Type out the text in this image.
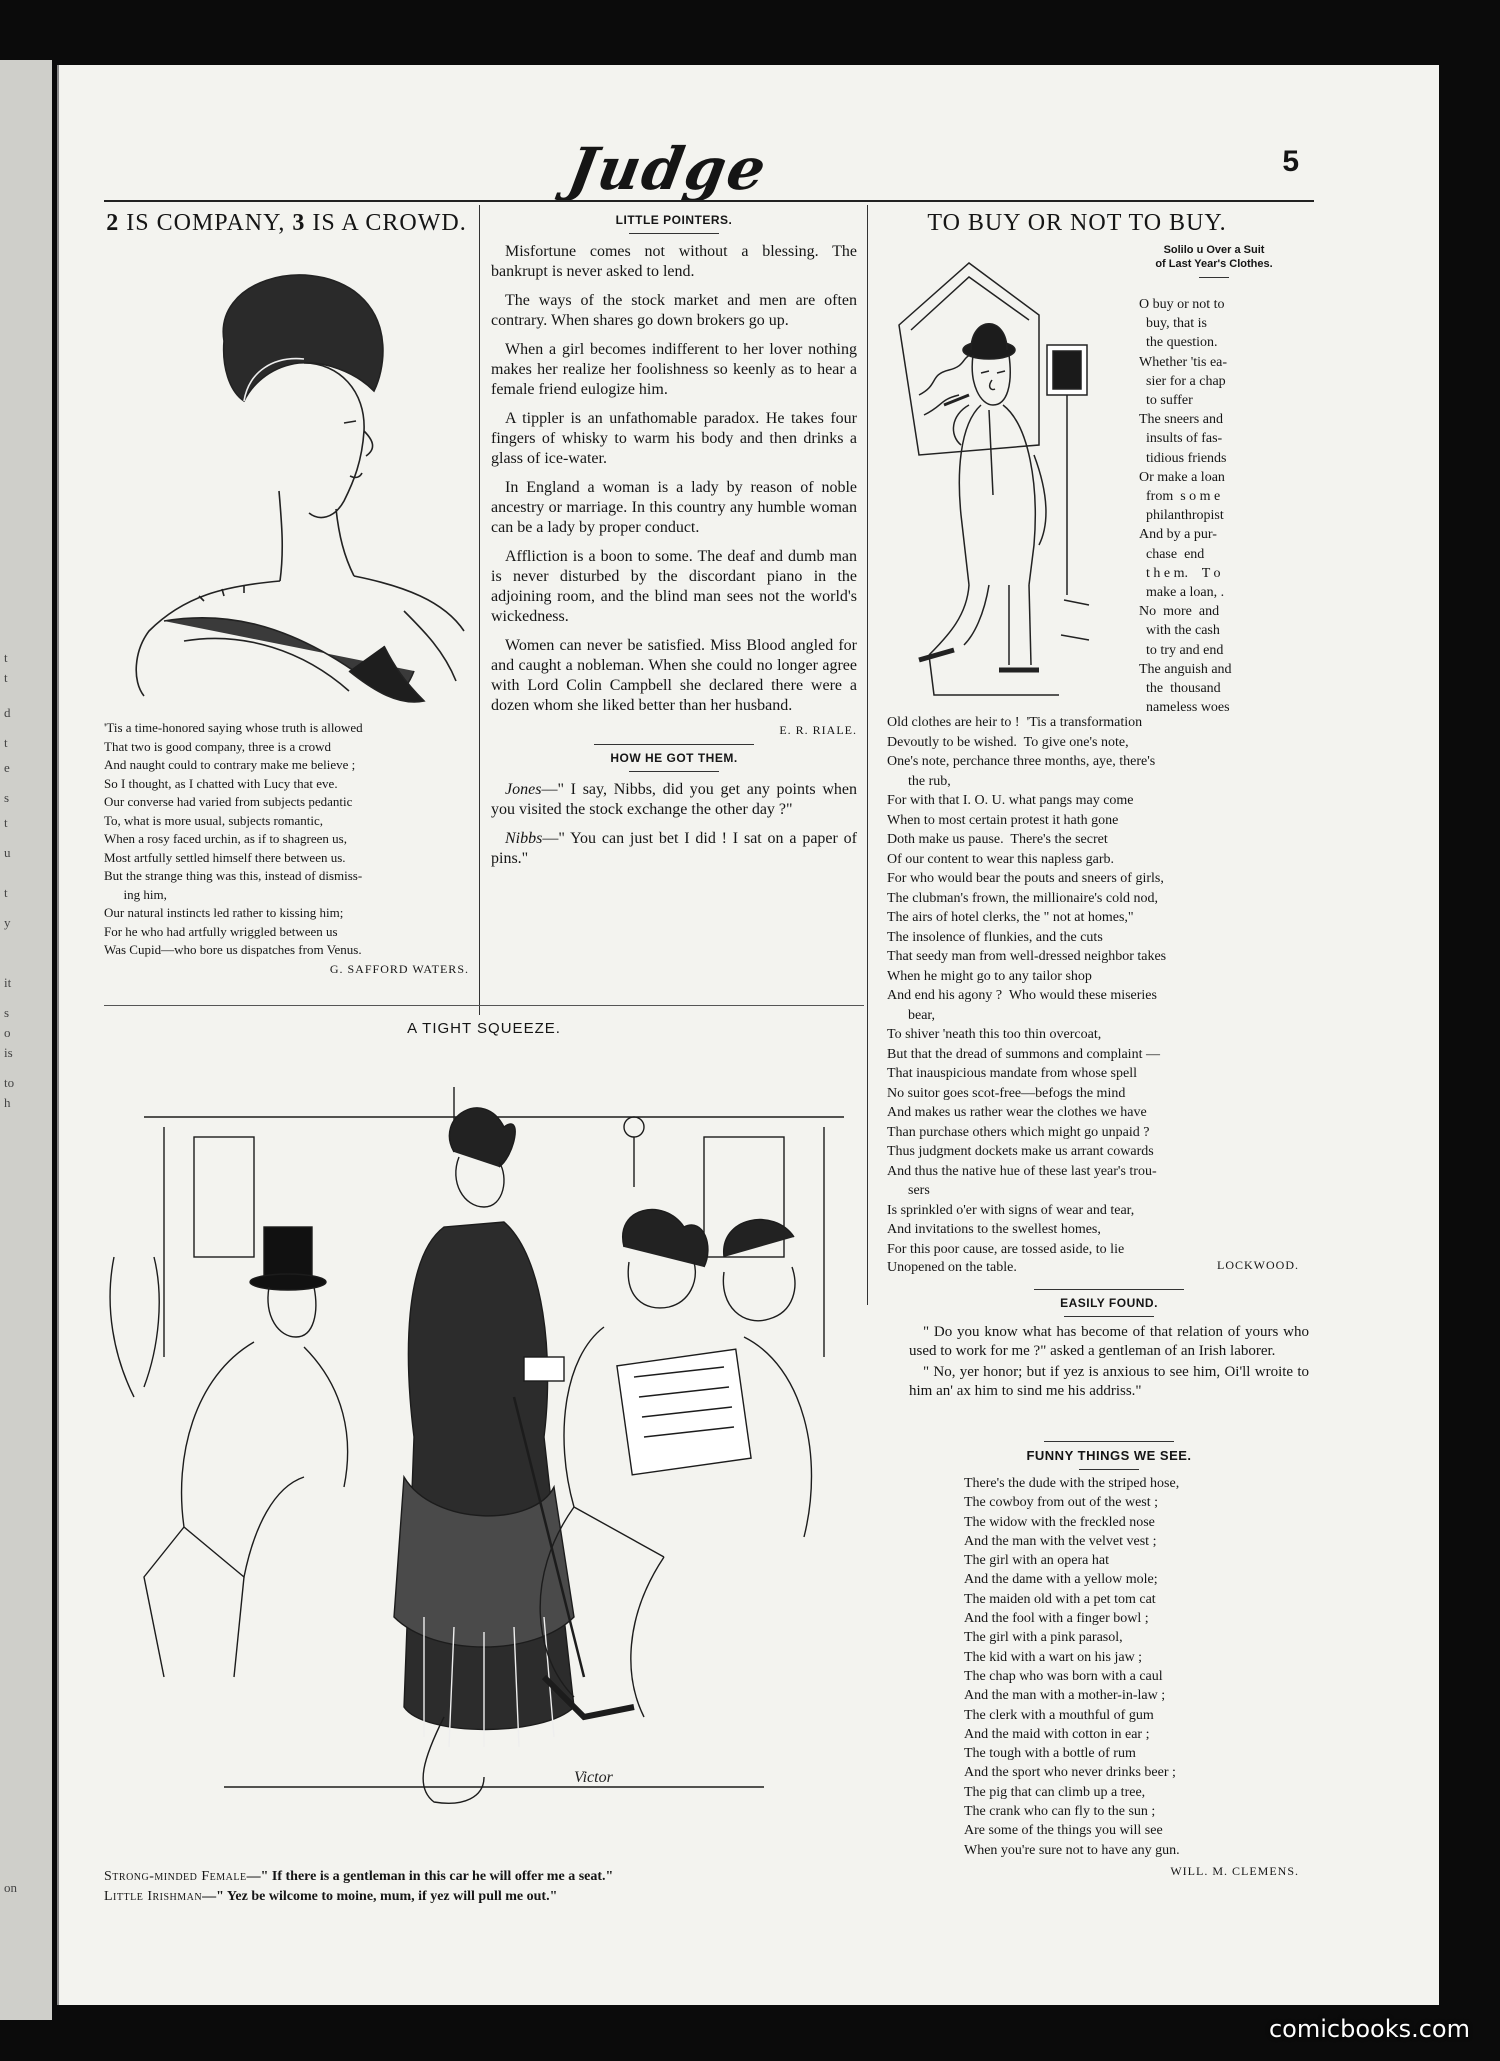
t
t
d
t
e
s
t
u
t
y
it
s
o
is
to
h
on
Judge	5
2 IS COMPANY, 3 IS A CROWD.
'Tis a time-honored saying whose truth is allowed
That two is good company, three is a crowd
And naught could to contrary make me believe ;
So I thought, as I chatted with Lucy that eve.
Our converse had varied from subjects pedantic
To, what is more usual, subjects romantic,
When a rosy faced urchin, as if to shagreen us,
Most artfully settled himself there between us.
But the strange thing was this, instead of dismiss-
ing him,
Our natural instincts led rather to kissing him;
For he who had artfully wriggled between us
Was Cupid—who bore us dispatches from Venus.
G. SAFFORD WATERS.
LITTLE POINTERS.

Misfortune comes not without a blessing. The bankrupt is never asked to lend.

The ways of the stock market and men are often contrary. When shares go down brokers go up.

When a girl becomes indifferent to her lover nothing makes her realize her foolishness so keenly as to hear a female friend eulogize him.

A tippler is an unfathomable paradox. He takes four fingers of whisky to warm his body and then drinks a glass of ice-water.

In England a woman is a lady by reason of noble ancestry or marriage. In this country any humble woman can be a lady by proper conduct.

Affliction is a boon to some. The deaf and dumb man is never disturbed by the discordant piano in the adjoining room, and the blind man sees not the world's wickedness.

Women can never be satisfied. Miss Blood angled for and caught a nobleman. When she could no longer agree with Lord Colin Campbell she declared there were a dozen whom she liked better than her husband.

E. R. RIALE.
HOW HE GOT THEM.

Jones—" I say, Nibbs, did you get any points when you visited the stock exchange the other day ?"

Nibbs—" You can just bet I did ! I sat on a paper of pins."

TO BUY OR NOT TO BUY.
Solilo u Over a Suit
of Last Year's Clothes.
O buy or not to
buy, that is
the question.
Whether 'tis ea-
sier for a chap
to suffer
The sneers and
insults of fas-
tidious friends
Or make a loan
from  s o m e
philanthropist
And by a pur-
chase  end
t h e m.    T o
make a loan, .
No  more  and
with the cash
to try and end
The anguish and
the  thousand
nameless woes
Old clothes are heir to !  'Tis a transformation
Devoutly to be wished.  To give one's note,
One's note, perchance three months, aye, there's
the rub,
For with that I. O. U. what pangs may come
When to most certain protest it hath gone
Doth make us pause.  There's the secret
Of our content to wear this napless garb.
For who would bear the pouts and sneers of girls,
The clubman's frown, the millionaire's cold nod,
The airs of hotel clerks, the " not at homes,"
The insolence of flunkies, and the cuts
That seedy man from well-dressed neighbor takes
When he might go to any tailor shop
And end his agony ?  Who would these miseries
bear,
To shiver 'neath this too thin overcoat,
But that the dread of summons and complaint —
That inauspicious mandate from whose spell
No suitor goes scot-free—befogs the mind
And makes us rather wear the clothes we have
Than purchase others which might go unpaid ?
Thus judgment dockets make us arrant cowards
And thus the native hue of these last year's trou-
sers
Is sprinkled o'er with signs of wear and tear,
And invitations to the swellest homes,
For this poor cause, are tossed aside, to lie
Unopened on the table.	LOCKWOOD.
EASILY FOUND.

" Do you know what has become of that relation of yours who used to work for me ?" asked a gentleman of an Irish laborer.

" No, yer honor; but if yez is anxious to see him, Oi'll wroite to him an' ax him to sind me his addriss."

FUNNY THINGS WE SEE.
There's the dude with the striped hose,
The cowboy from out of the west ;
The widow with the freckled nose
And the man with the velvet vest ;
The girl with an opera hat
And the dame with a yellow mole;
The maiden old with a pet tom cat
And the fool with a finger bowl ;
The girl with a pink parasol,
The kid with a wart on his jaw ;
The chap who was born with a caul
And the man with a mother-in-law ;
The clerk with a mouthful of gum
And the maid with cotton in ear ;
The tough with a bottle of rum
And the sport who never drinks beer ;
The pig that can climb up a tree,
The crank who can fly to the sun ;
Are some of the things you will see
When you're sure not to have any gun.
WILL. M. CLEMENS.
A TIGHT SQUEEZE.
Victor
Strong-minded Female—" If there is a gentleman in this car he will offer me a seat."
Little Irishman—" Yez be wilcome to moine, mum, if yez will pull me out."
comicbooks.com
